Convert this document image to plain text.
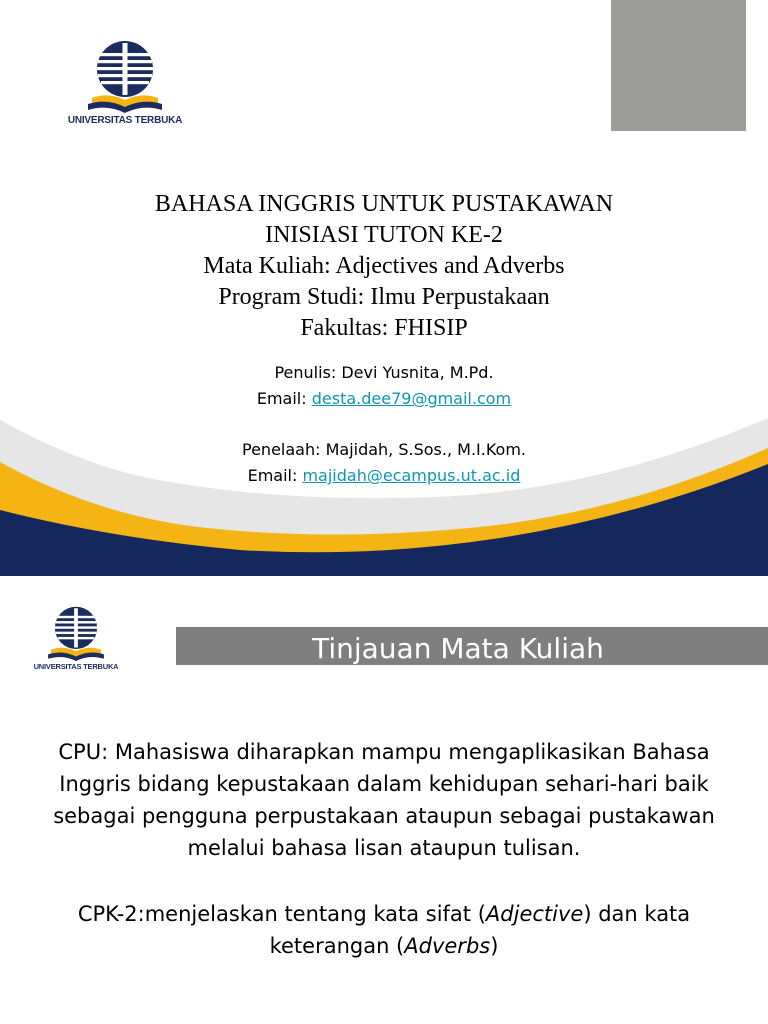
UNIVERSITAS TERBUKA
BAHASA INGGRIS UNTUK PUSTAKAWAN
INISIASI TUTON KE-2
Mata Kuliah: Adjectives and Adverbs
Program Studi: Ilmu Perpustakaan
Fakultas: FHISIP
Penulis: Devi Yusnita, M.Pd.
Email: desta.dee79@gmail.com
Penelaah: Majidah, S.Sos., M.I.Kom.
Email: majidah@ecampus.ut.ac.id
UNIVERSITAS TERBUKA
Tinjauan Mata Kuliah
CPU: Mahasiswa diharapkan mampu mengaplikasikan Bahasa Inggris bidang kepustakaan dalam kehidupan sehari-hari baik sebagai pengguna perpustakaan ataupun sebagai pustakawan melalui bahasa lisan ataupun tulisan.
CPK-2:menjelaskan tentang kata sifat (Adjective) dan kata keterangan (Adverbs)
